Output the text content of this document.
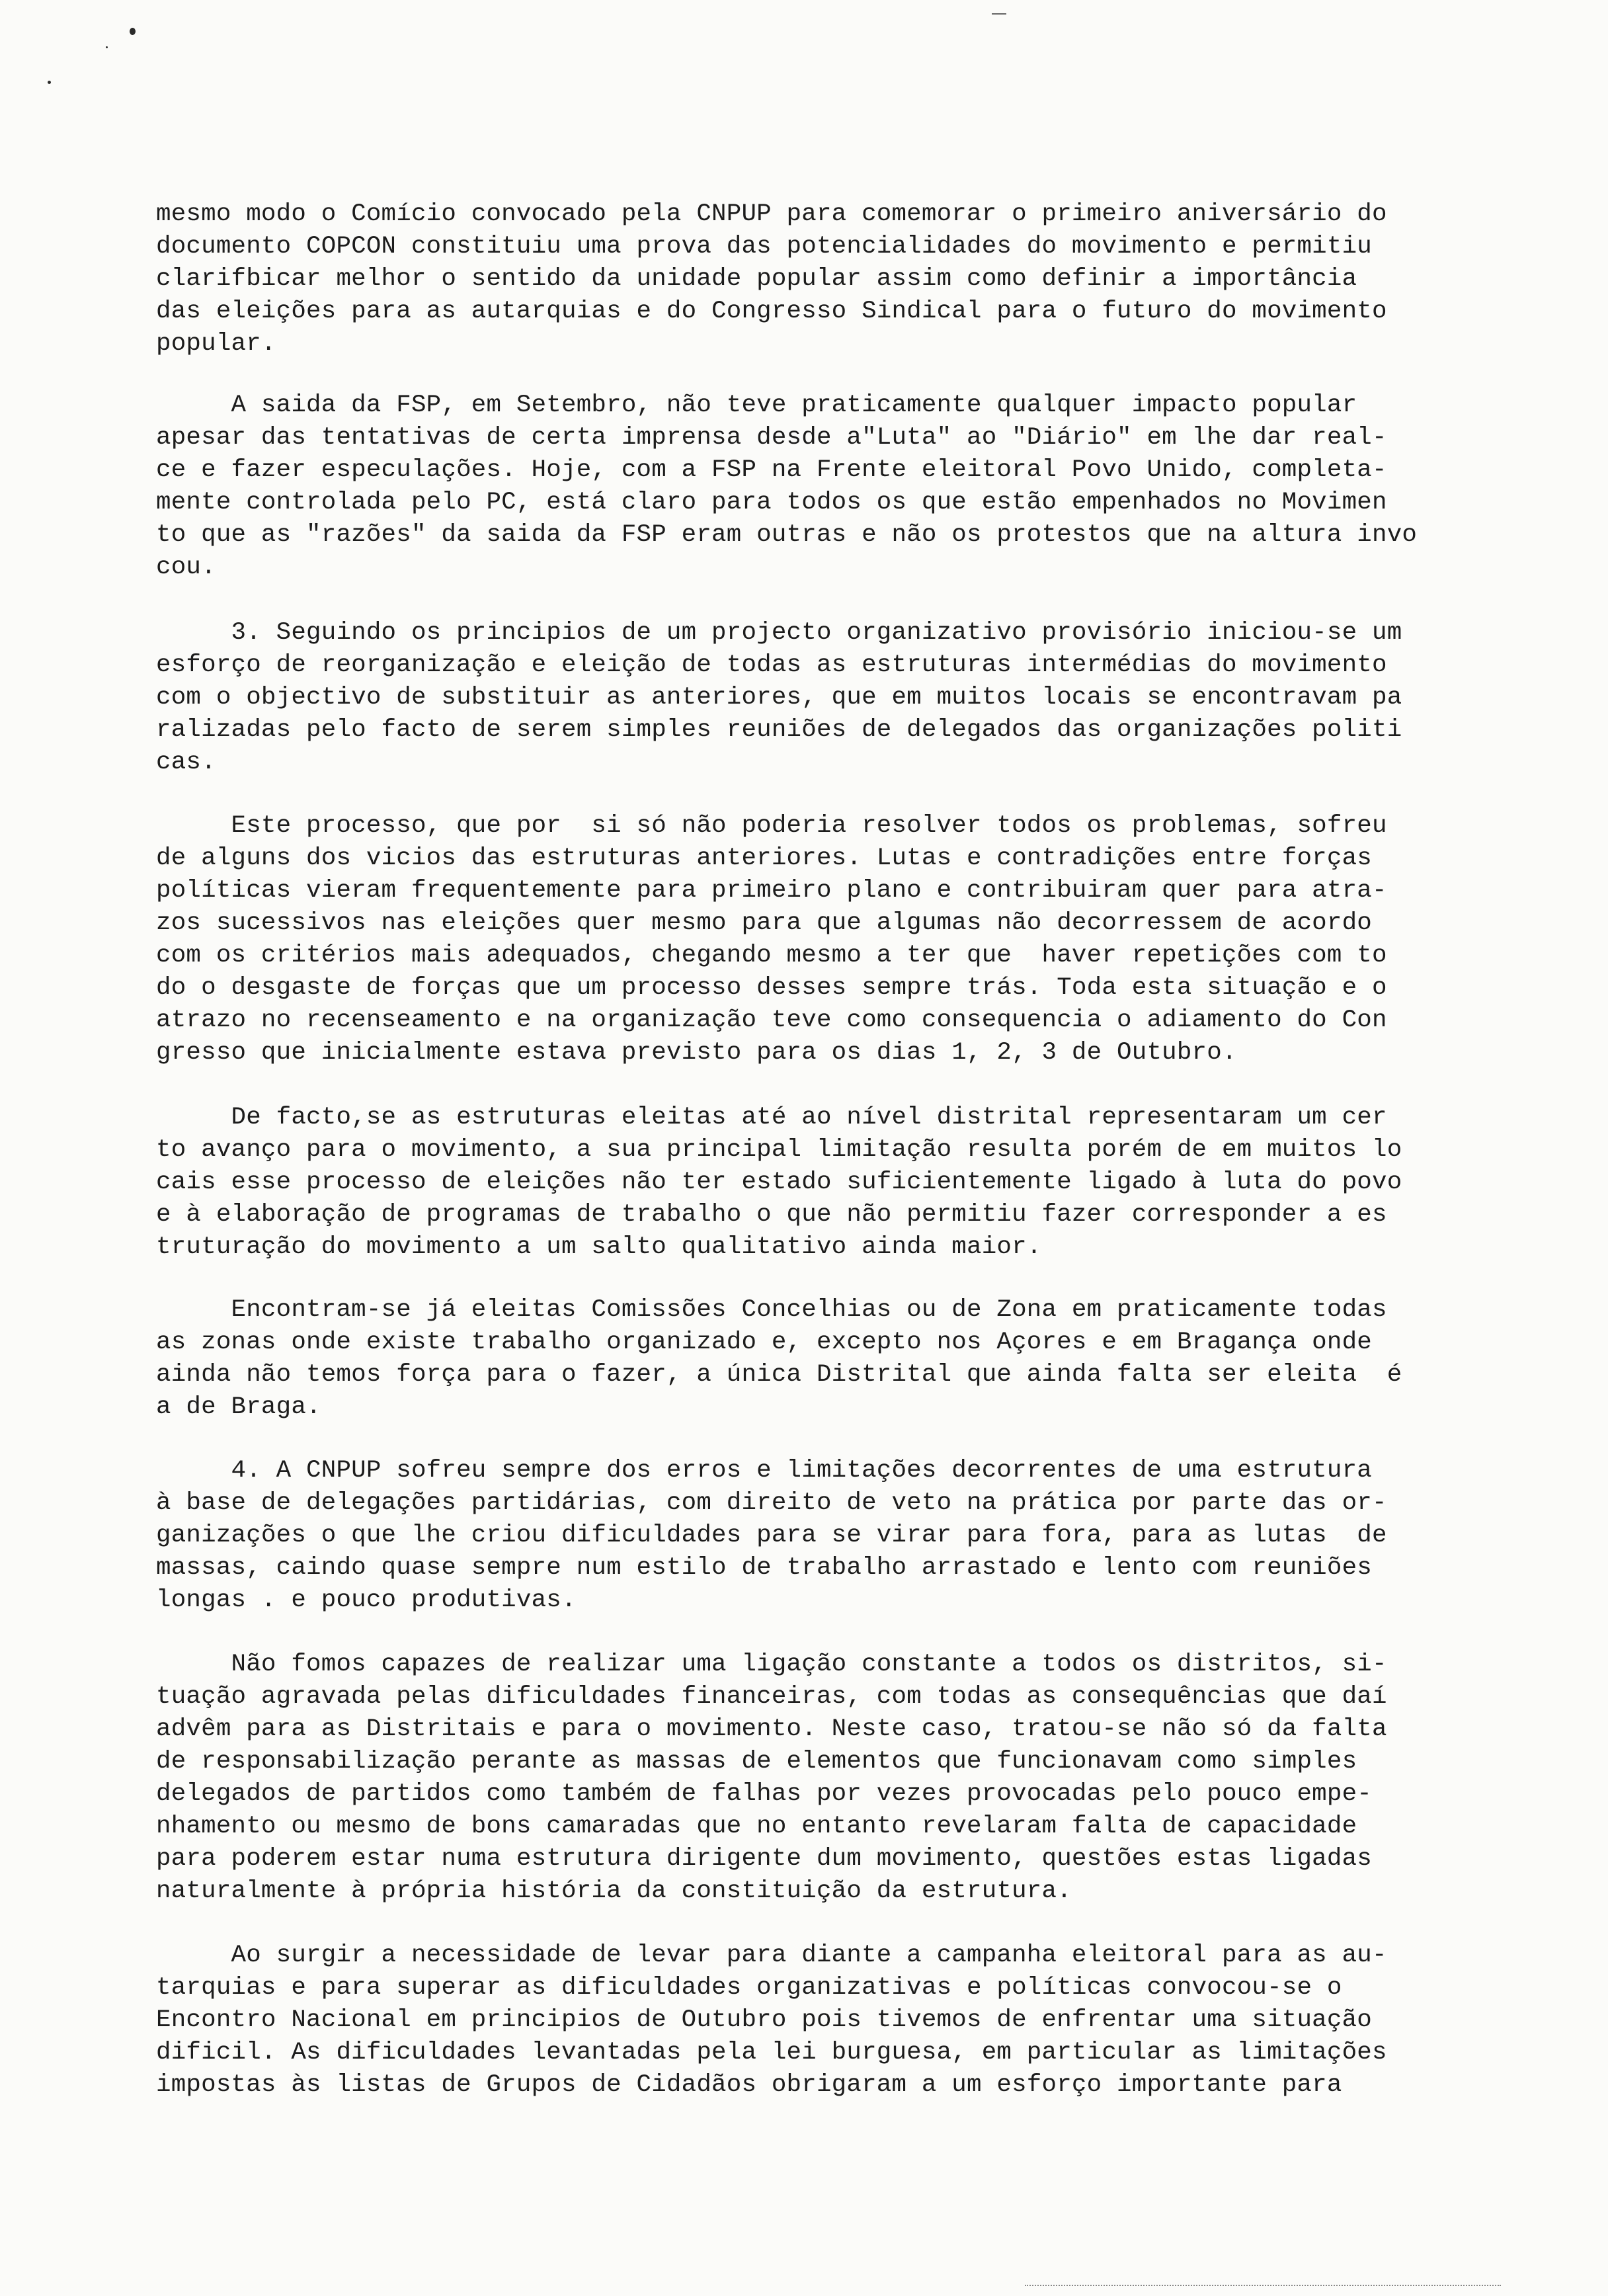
mesmo modo o Comício convocado pela CNPUP para comemorar o primeiro aniversário do
documento COPCON constituiu uma prova das potencialidades do movimento e permitiu
clarifbicar melhor o sentido da unidade popular assim como definir a importância
das eleições para as autarquias e do Congresso Sindical para o futuro do movimento
popular.
A saida da FSP, em Setembro, não teve praticamente qualquer impacto popular
apesar das tentativas de certa imprensa desde a"Luta" ao "Diário" em lhe dar real-
ce e fazer especulações. Hoje, com a FSP na Frente eleitoral Povo Unido, completa-
mente controlada pelo PC, está claro para todos os que estão empenhados no Movimen
to que as "razões" da saida da FSP eram outras e não os protestos que na altura invo
cou.
3. Seguindo os principios de um projecto organizativo provisório iniciou-se um
esforço de reorganização e eleição de todas as estruturas intermédias do movimento
com o objectivo de substituir as anteriores, que em muitos locais se encontravam pa
ralizadas pelo facto de serem simples reuniões de delegados das organizações politi
cas.
Este processo, que por  si só não poderia resolver todos os problemas, sofreu
de alguns dos vicios das estruturas anteriores. Lutas e contradições entre forças
políticas vieram frequentemente para primeiro plano e contribuiram quer para atra-
zos sucessivos nas eleições quer mesmo para que algumas não decorressem de acordo
com os critérios mais adequados, chegando mesmo a ter que  haver repetições com to
do o desgaste de forças que um processo desses sempre trás. Toda esta situação e o
atrazo no recenseamento e na organização teve como consequencia o adiamento do Con
gresso que inicialmente estava previsto para os dias 1, 2, 3 de Outubro.
De facto,se as estruturas eleitas até ao nível distrital representaram um cer
to avanço para o movimento, a sua principal limitação resulta porém de em muitos lo
cais esse processo de eleições não ter estado suficientemente ligado à luta do povo
e à elaboração de programas de trabalho o que não permitiu fazer corresponder a es
truturação do movimento a um salto qualitativo ainda maior.
Encontram-se já eleitas Comissões Concelhias ou de Zona em praticamente todas
as zonas onde existe trabalho organizado e, excepto nos Açores e em Bragança onde
ainda não temos força para o fazer, a única Distrital que ainda falta ser eleita  é
a de Braga.
4. A CNPUP sofreu sempre dos erros e limitações decorrentes de uma estrutura
à base de delegações partidárias, com direito de veto na prática por parte das or-
ganizações o que lhe criou dificuldades para se virar para fora, para as lutas  de
massas, caindo quase sempre num estilo de trabalho arrastado e lento com reuniões
longas . e pouco produtivas.
Não fomos capazes de realizar uma ligação constante a todos os distritos, si-
tuação agravada pelas dificuldades financeiras, com todas as consequências que daí
advêm para as Distritais e para o movimento. Neste caso, tratou-se não só da falta
de responsabilização perante as massas de elementos que funcionavam como simples
delegados de partidos como também de falhas por vezes provocadas pelo pouco empe-
nhamento ou mesmo de bons camaradas que no entanto revelaram falta de capacidade
para poderem estar numa estrutura dirigente dum movimento, questões estas ligadas
naturalmente à própria história da constituição da estrutura.
Ao surgir a necessidade de levar para diante a campanha eleitoral para as au-
tarquias e para superar as dificuldades organizativas e políticas convocou-se o
Encontro Nacional em principios de Outubro pois tivemos de enfrentar uma situação
dificil. As dificuldades levantadas pela lei burguesa, em particular as limitações
impostas às listas de Grupos de Cidadãos obrigaram a um esforço importante para
